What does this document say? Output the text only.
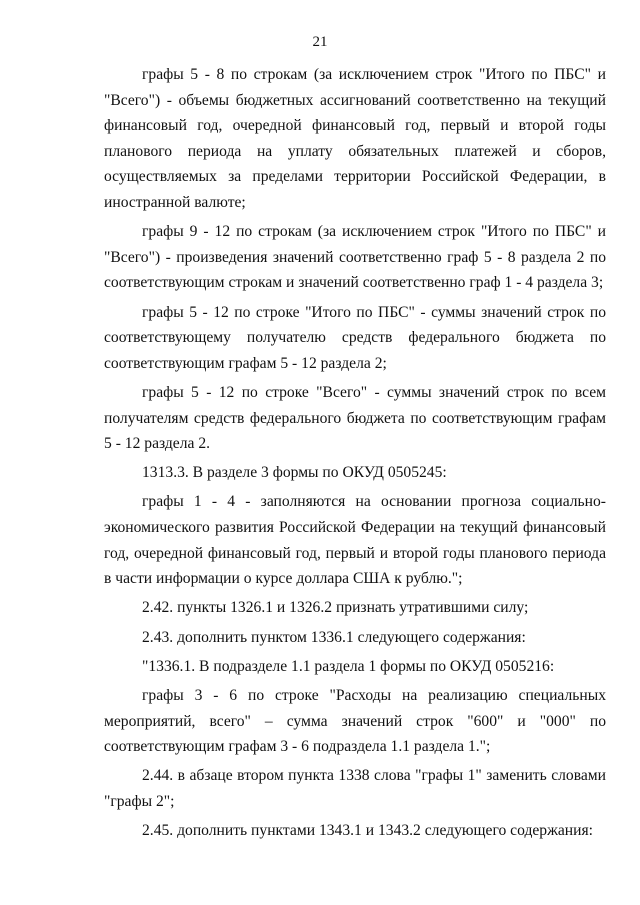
21

графы 5 - 8 по строкам (за исключением строк "Итого по ПБС" и "Всего") - объемы бюджетных ассигнований соответственно на текущий финансовый год, очередной финансовый год, первый и второй годы планового периода на уплату обязательных платежей и сборов, осуществляемых за пределами территории Российской Федерации, в иностранной валюте;

графы 9 - 12 по строкам (за исключением строк "Итого по ПБС" и "Всего") - произведения значений соответственно граф 5 - 8 раздела 2 по соответствующим строкам и значений соответственно граф 1 - 4 раздела 3;

графы 5 - 12 по строке "Итого по ПБС" - суммы значений строк по соответствующему получателю средств федерального бюджета по соответствующим графам 5 - 12 раздела 2;

графы 5 - 12 по строке "Всего" - суммы значений строк по всем получателям средств федерального бюджета по соответствующим графам 5 - 12 раздела 2.

1313.3. В разделе 3 формы по ОКУД 0505245:

графы 1 - 4 - заполняются на основании прогноза социально-экономического развития Российской Федерации на текущий финансовый год, очередной финансовый год, первый и второй годы планового периода в части информации о курсе доллара США к рублю.";

2.42. пункты 1326.1 и 1326.2 признать утратившими силу;

2.43. дополнить пунктом 1336.1 следующего содержания:

"1336.1. В подразделе 1.1 раздела 1 формы по ОКУД 0505216:

графы 3 - 6 по строке "Расходы на реализацию специальных мероприятий, всего" – сумма значений строк "600" и "000" по соответствующим графам 3 - 6 подраздела 1.1 раздела 1.";

2.44. в абзаце втором пункта 1338 слова "графы 1" заменить словами "графы 2";

2.45. дополнить пунктами 1343.1 и 1343.2 следующего содержания:
